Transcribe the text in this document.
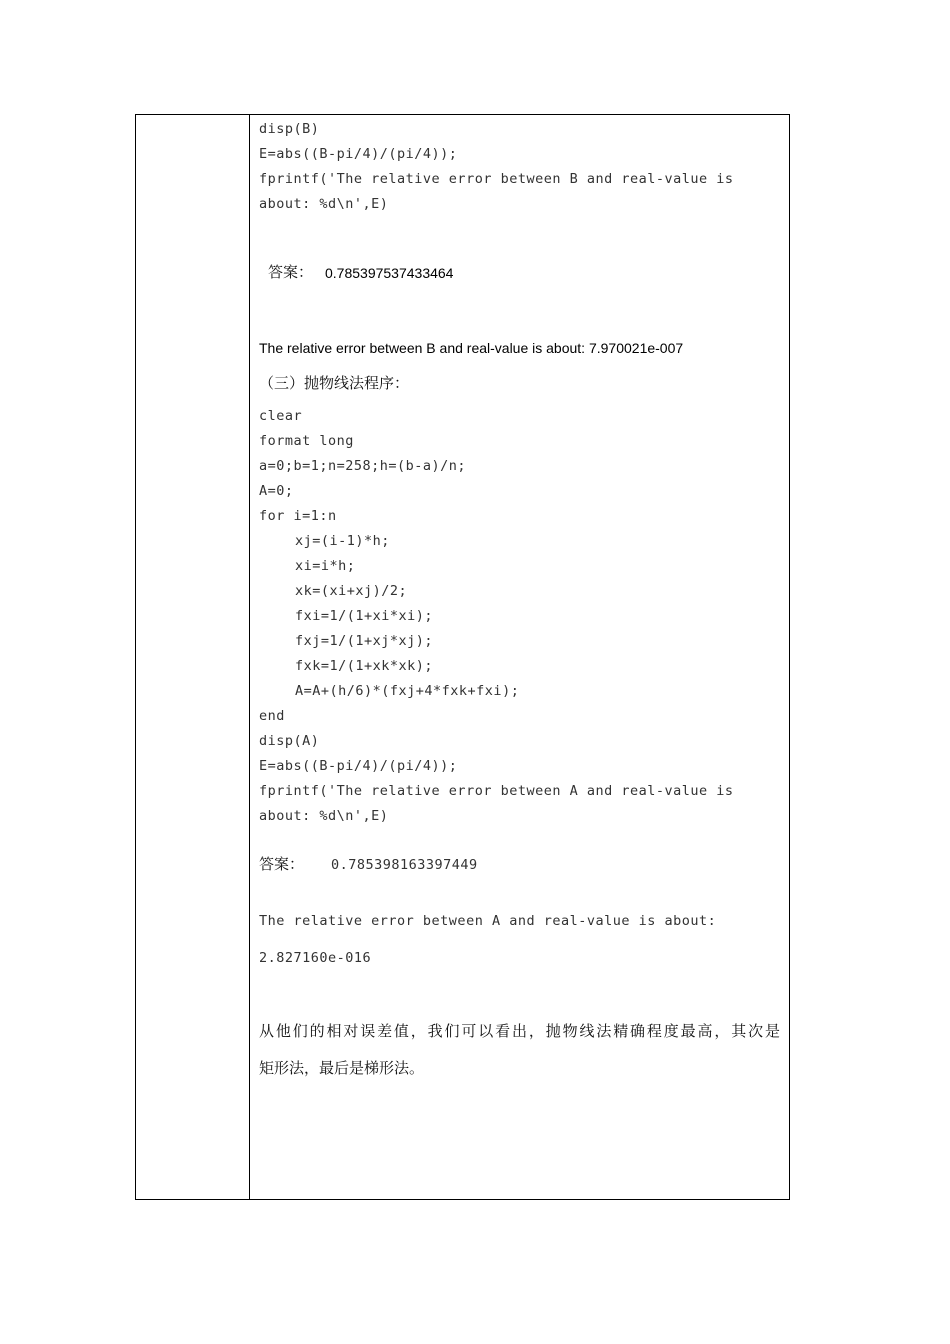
disp(B)
E=abs((B-pi/4)/(pi/4));
fprintf('The relative error between B and real-value is
about: %d\n',E)
答案： 0.785397537433464
The relative error between B and real-value is about: 7.970021e-007
（三）抛物线法程序：
clear
format long
a=0;b=1;n=258;h=(b-a)/n;
A=0;
for i=1:n
xj=(i-1)*h;
xi=i*h;
xk=(xi+xj)/2;
fxi=1/(1+xi*xi);
fxj=1/(1+xj*xj);
fxk=1/(1+xk*xk);
A=A+(h/6)*(fxj+4*fxk+fxi);
end
disp(A)
E=abs((B-pi/4)/(pi/4));
fprintf('The relative error between A and real-value is
about: %d\n',E)
答案： 0.785398163397449
The relative error between A and real-value is about:
2.827160e-016
从他们的相对误差值，我们可以看出，抛物线法精确程度最高，其次是
矩形法，最后是梯形法。
